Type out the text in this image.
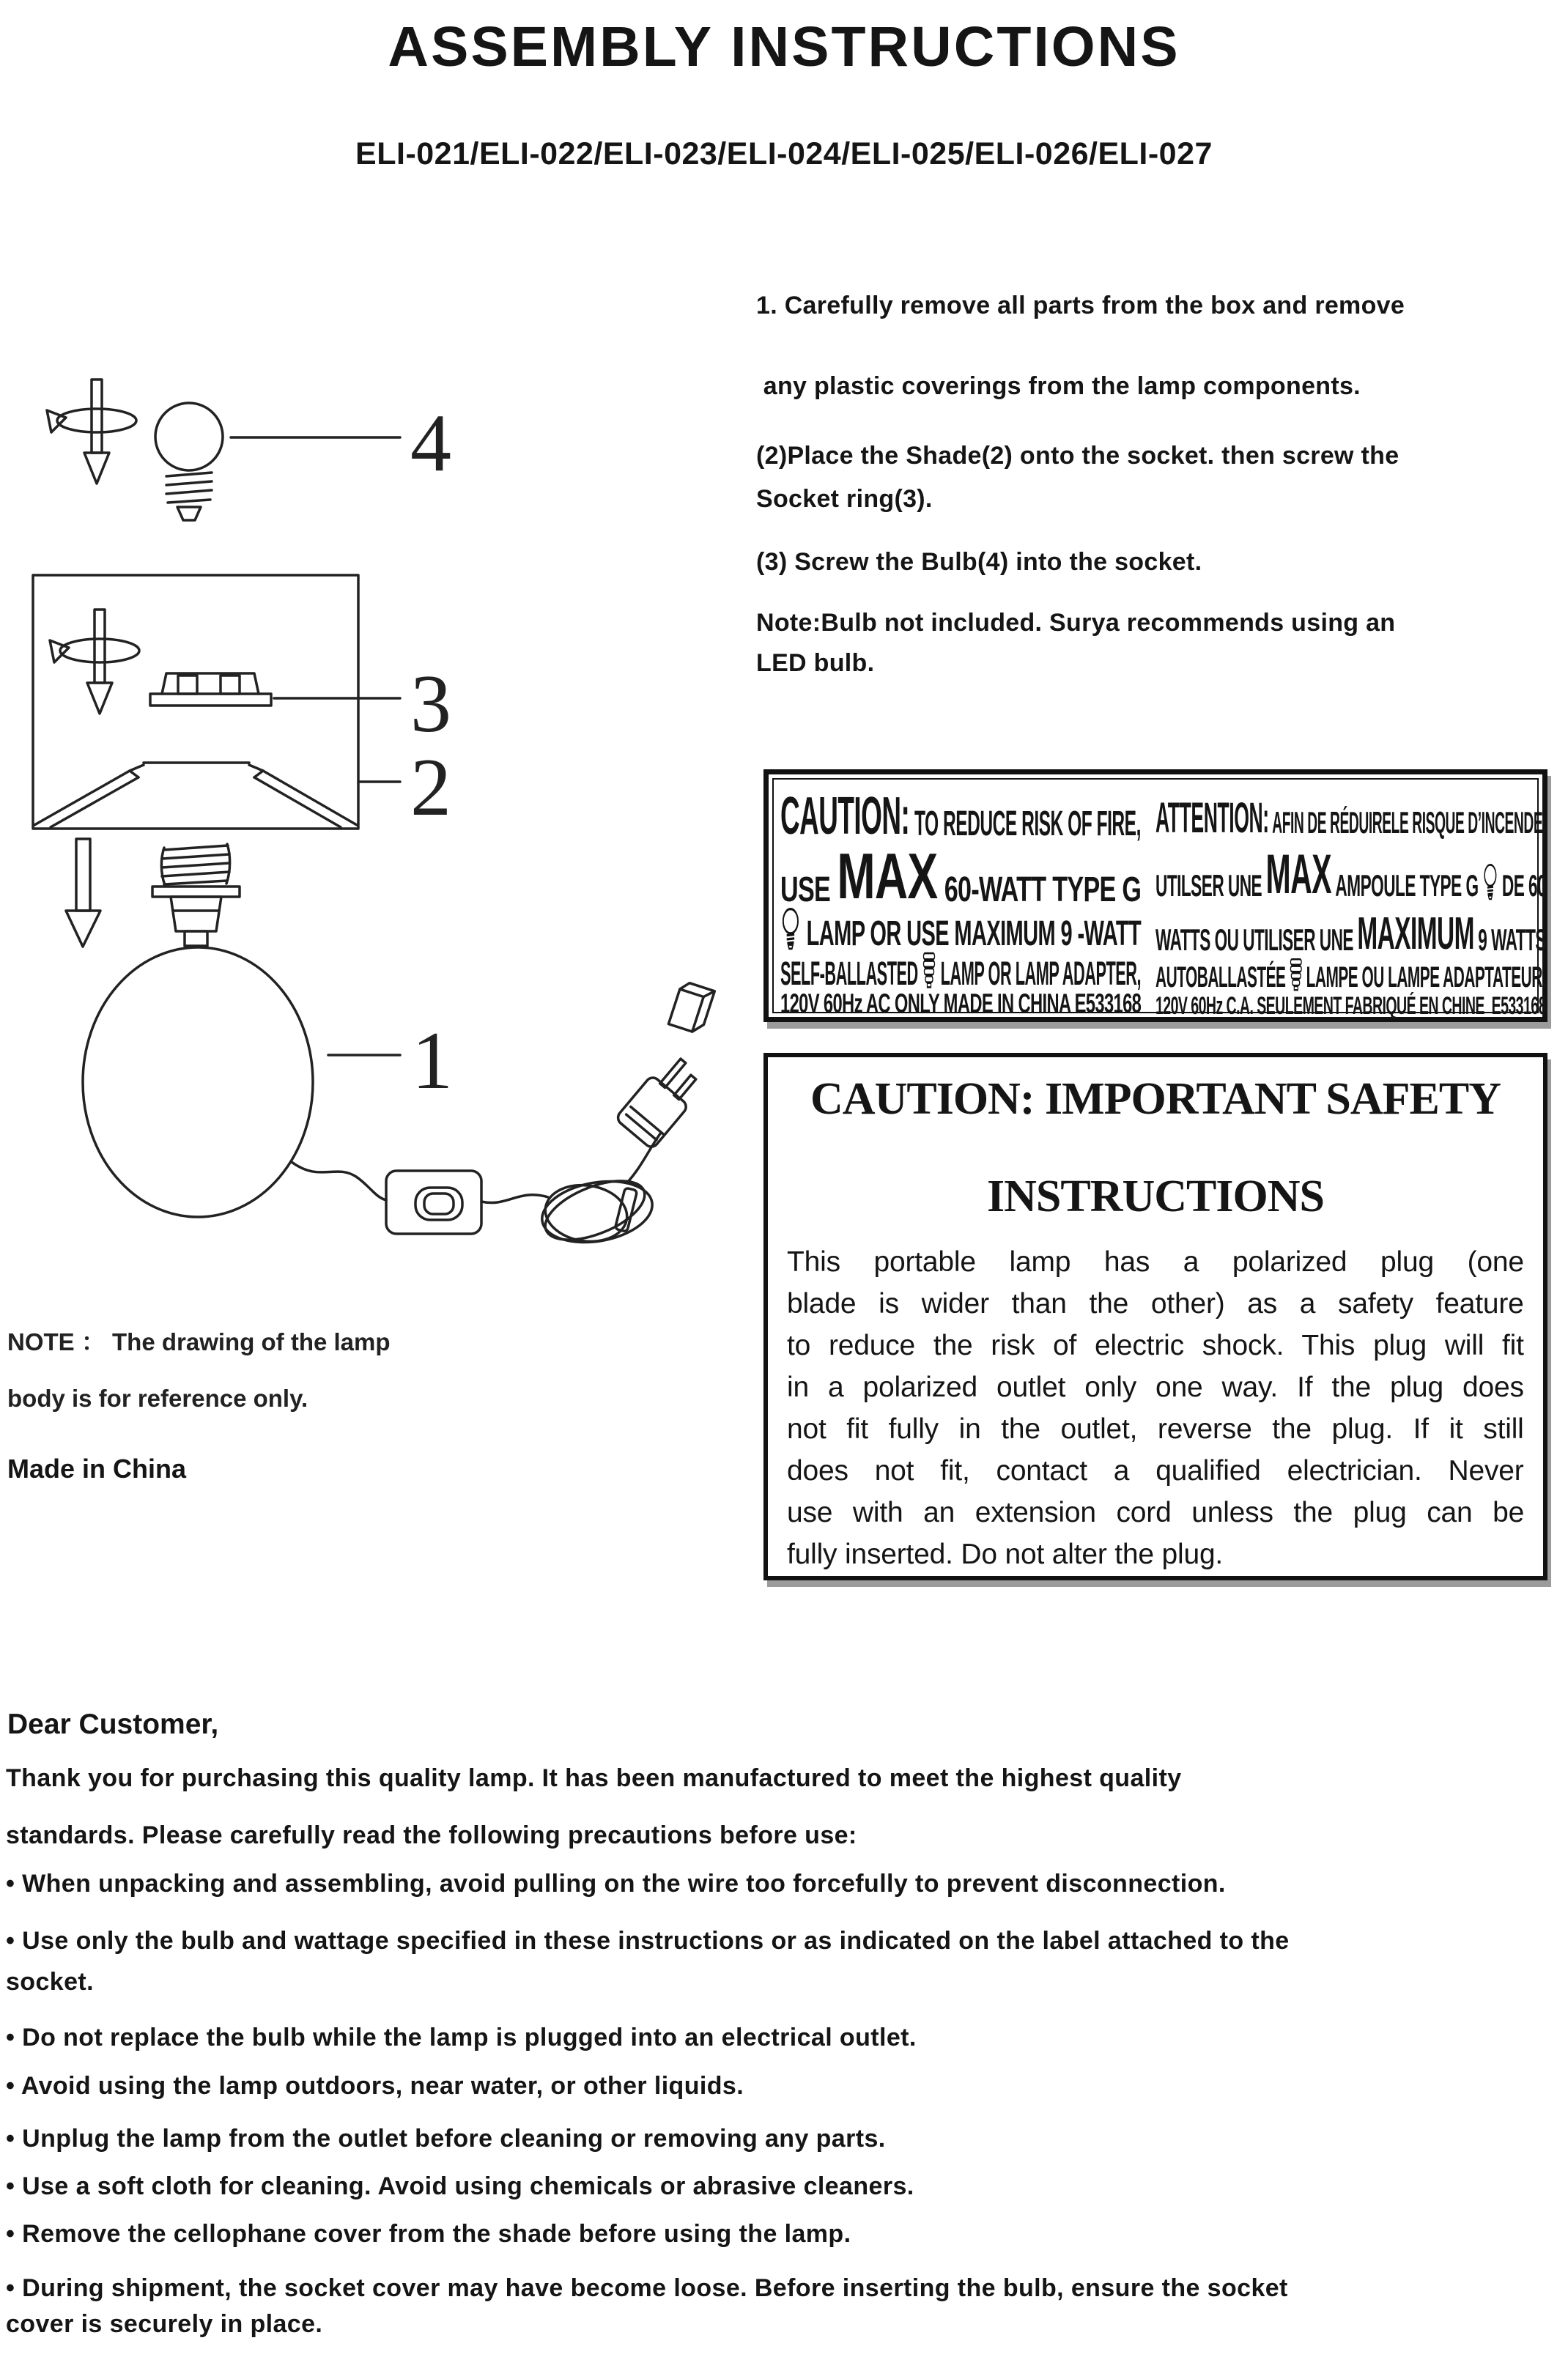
ASSEMBLY INSTRUCTIONS
ELI-021/ELI-022/ELI-023/ELI-024/ELI-025/ELI-026/ELI-027
4
3
2
1
1. Carefully remove all parts from the box and remove
any plastic coverings from the lamp components.
(2)Place the Shade(2) onto the socket. then screw the
Socket ring(3).
(3) Screw the Bulb(4) into the socket.
Note:Bulb not included. Surya recommends using an
LED bulb.
CAUTION: TO REDUCE RISK OF FIRE,
USE MAX 60-WATT TYPE G
LAMP OR USE MAXIMUM 9 -WATT
SELF-BALLASTED LAMP OR LAMP ADAPTER,
120V 60Hz AC ONLY MADE IN CHINA E533168
ATTENTION: AFIN DE RÉDUIRELE RISQUE D’INCENDE,
UTILSER UNE MAX AMPOULE TYPE G DE 60
WATTS OU UTILISER UNE MAXIMUM 9 WATTS
AUTOBALLASTÉE LAMPE OU LAMPE ADAPTATEUR.
120V 60Hz C.A. SEULEMENT FABRIQUÉ EN CHINE  E533168
CAUTION: IMPORTANT SAFETY
INSTRUCTIONS
This portable lamp has a polarized plug (one
blade is wider than the other) as a safety feature
to reduce the risk of electric shock. This plug will fit
in a polarized outlet only one way. If the plug does
not fit fully in the outlet, reverse the plug. If it still
does not fit, contact a qualified electrician. Never
use with an extension cord unless the plug can be
fully inserted. Do not alter the plug.
NOTE ： The drawing of the lamp
body is for reference only.
Made in China
Dear Customer,
Thank you for purchasing this quality lamp. It has been manufactured to meet the highest quality
standards. Please carefully read the following precautions before use:
• When unpacking and assembling, avoid pulling on the wire too forcefully to prevent disconnection.
• Use only the bulb and wattage specified in these instructions or as indicated on the label attached to the
socket.
• Do not replace the bulb while the lamp is plugged into an electrical outlet.
• Avoid using the lamp outdoors, near water, or other liquids.
• Unplug the lamp from the outlet before cleaning or removing any parts.
• Use a soft cloth for cleaning. Avoid using chemicals or abrasive cleaners.
• Remove the cellophane cover from the shade before using the lamp.
• During shipment, the socket cover may have become loose. Before inserting the bulb, ensure the socket
cover is securely in place.
